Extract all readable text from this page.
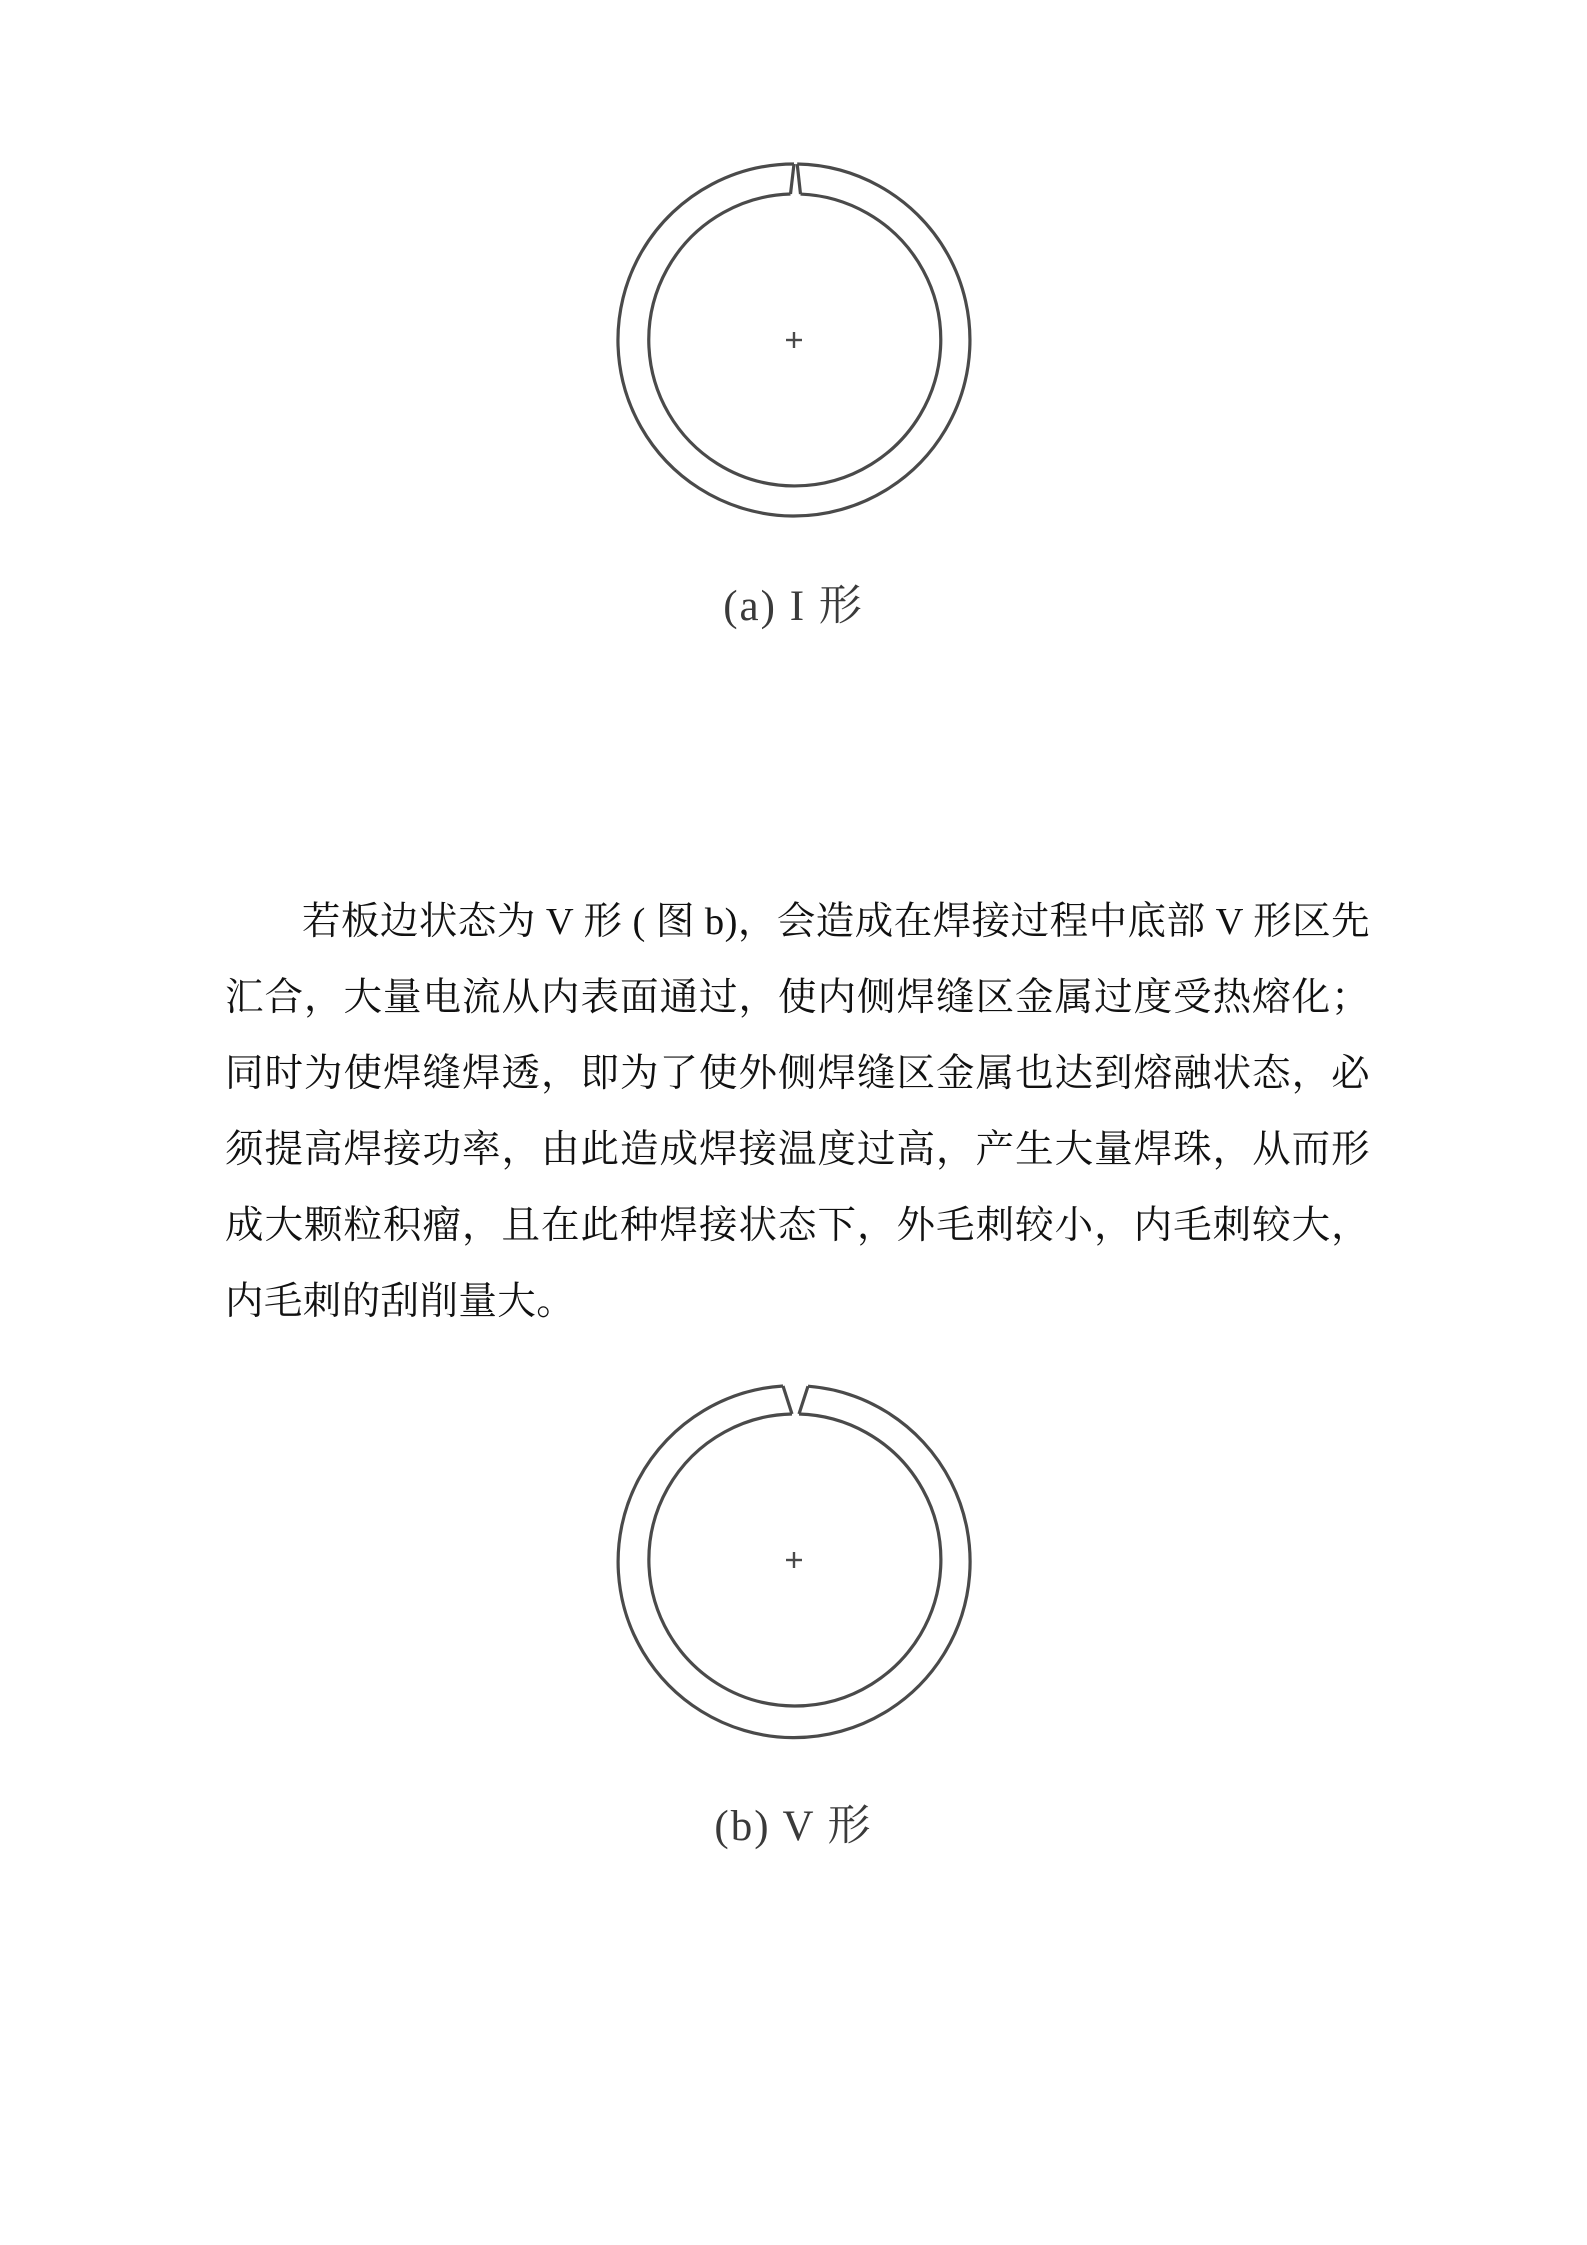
(a) I 形

若板边状态为 V 形 ( 图 b)，会造成在焊接过程中底部 V 形区先汇合，大量电流从内表面通过，使内侧焊缝区金属过度受热熔化；同时为使焊缝焊透，即为了使外侧焊缝区金属也达到熔融状态，必须提高焊接功率，由此造成焊接温度过高，产生大量焊珠，从而形成大颗粒积瘤，且在此种焊接状态下，外毛刺较小，内毛刺较大，内毛刺的刮削量大。

(b) V 形
